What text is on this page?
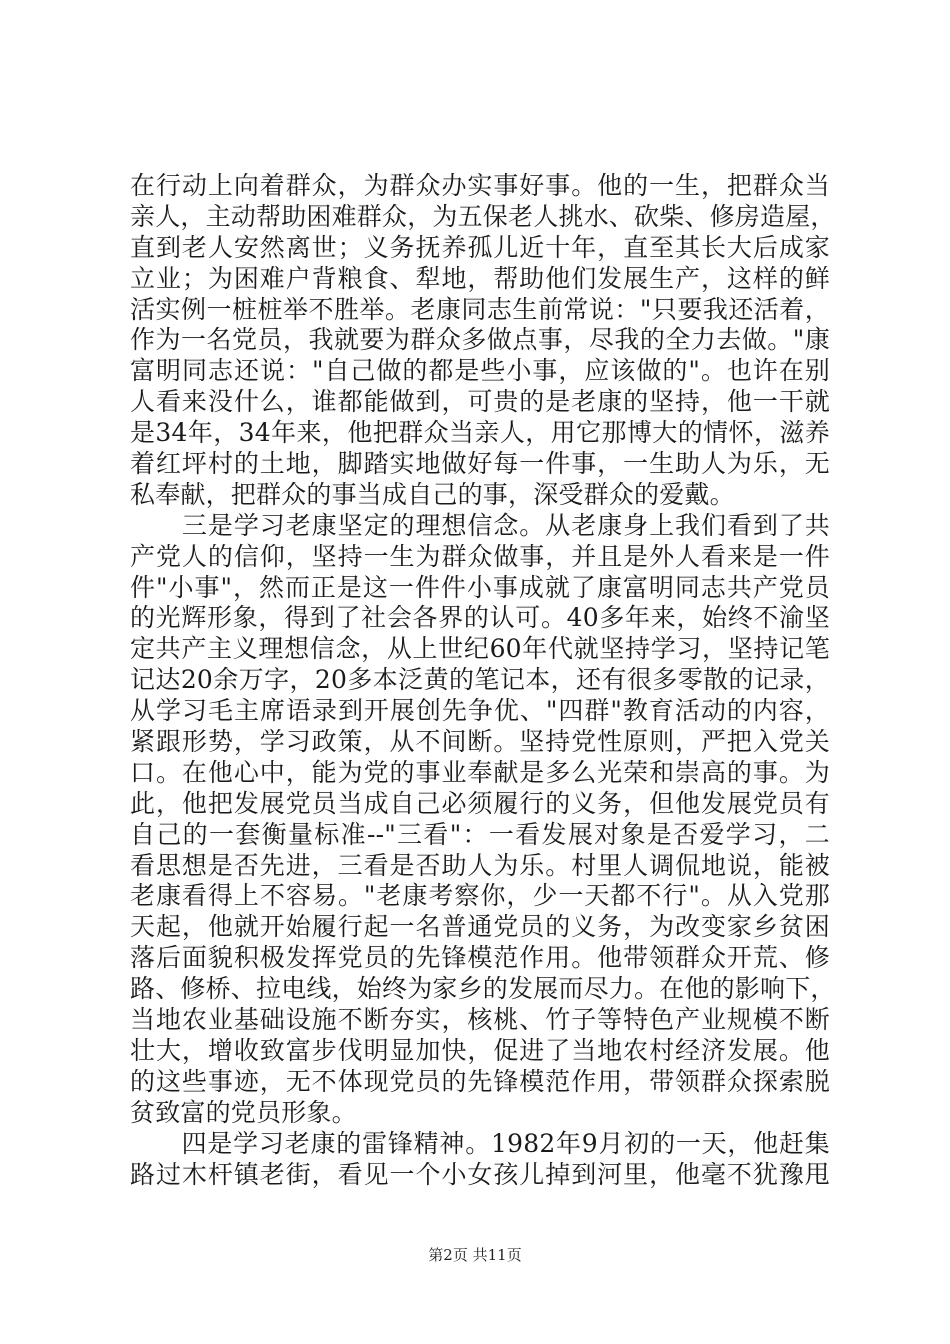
在行动上向着群众，为群众办实事好事。他的一生，把群众当
亲人，主动帮助困难群众，为五保老人挑水、砍柴、修房造屋，
直到老人安然离世；义务抚养孤儿近十年，直至其长大后成家
立业；为困难户背粮食、犁地，帮助他们发展生产，这样的鲜
活实例一桩桩举不胜举。老康同志生前常说："只要我还活着，
作为一名党员，我就要为群众多做点事，尽我的全力去做。"康
富明同志还说："自己做的都是些小事，应该做的"。也许在别
人看来没什么，谁都能做到，可贵的是老康的坚持，他一干就
是34年，34年来，他把群众当亲人，用它那博大的情怀，滋养
着红坪村的土地，脚踏实地做好每一件事，一生助人为乐，无
私奉献，把群众的事当成自己的事，深受群众的爱戴。
　　三是学习老康坚定的理想信念。从老康身上我们看到了共
产党人的信仰，坚持一生为群众做事，并且是外人看来是一件
件"小事"，然而正是这一件件小事成就了康富明同志共产党员
的光辉形象，得到了社会各界的认可。40多年来，始终不渝坚
定共产主义理想信念，从上世纪60年代就坚持学习，坚持记笔
记达20余万字，20多本泛黄的笔记本，还有很多零散的记录，
从学习毛主席语录到开展创先争优、"四群"教育活动的内容，
紧跟形势，学习政策，从不间断。坚持党性原则，严把入党关
口。在他心中，能为党的事业奉献是多么光荣和崇高的事。为
此，他把发展党员当成自己必须履行的义务，但他发展党员有
自己的一套衡量标准--"三看"：一看发展对象是否爱学习，二
看思想是否先进，三看是否助人为乐。村里人调侃地说，能被
老康看得上不容易。"老康考察你，少一天都不行"。从入党那
天起，他就开始履行起一名普通党员的义务，为改变家乡贫困
落后面貌积极发挥党员的先锋模范作用。他带领群众开荒、修
路、修桥、拉电线，始终为家乡的发展而尽力。在他的影响下，
当地农业基础设施不断夯实，核桃、竹子等特色产业规模不断
壮大，增收致富步伐明显加快，促进了当地农村经济发展。他
的这些事迹，无不体现党员的先锋模范作用，带领群众探索脱
贫致富的党员形象。
　　四是学习老康的雷锋精神。1982年9月初的一天，他赶集
路过木杆镇老街，看见一个小女孩儿掉到河里，他毫不犹豫甩
第2页 共11页
